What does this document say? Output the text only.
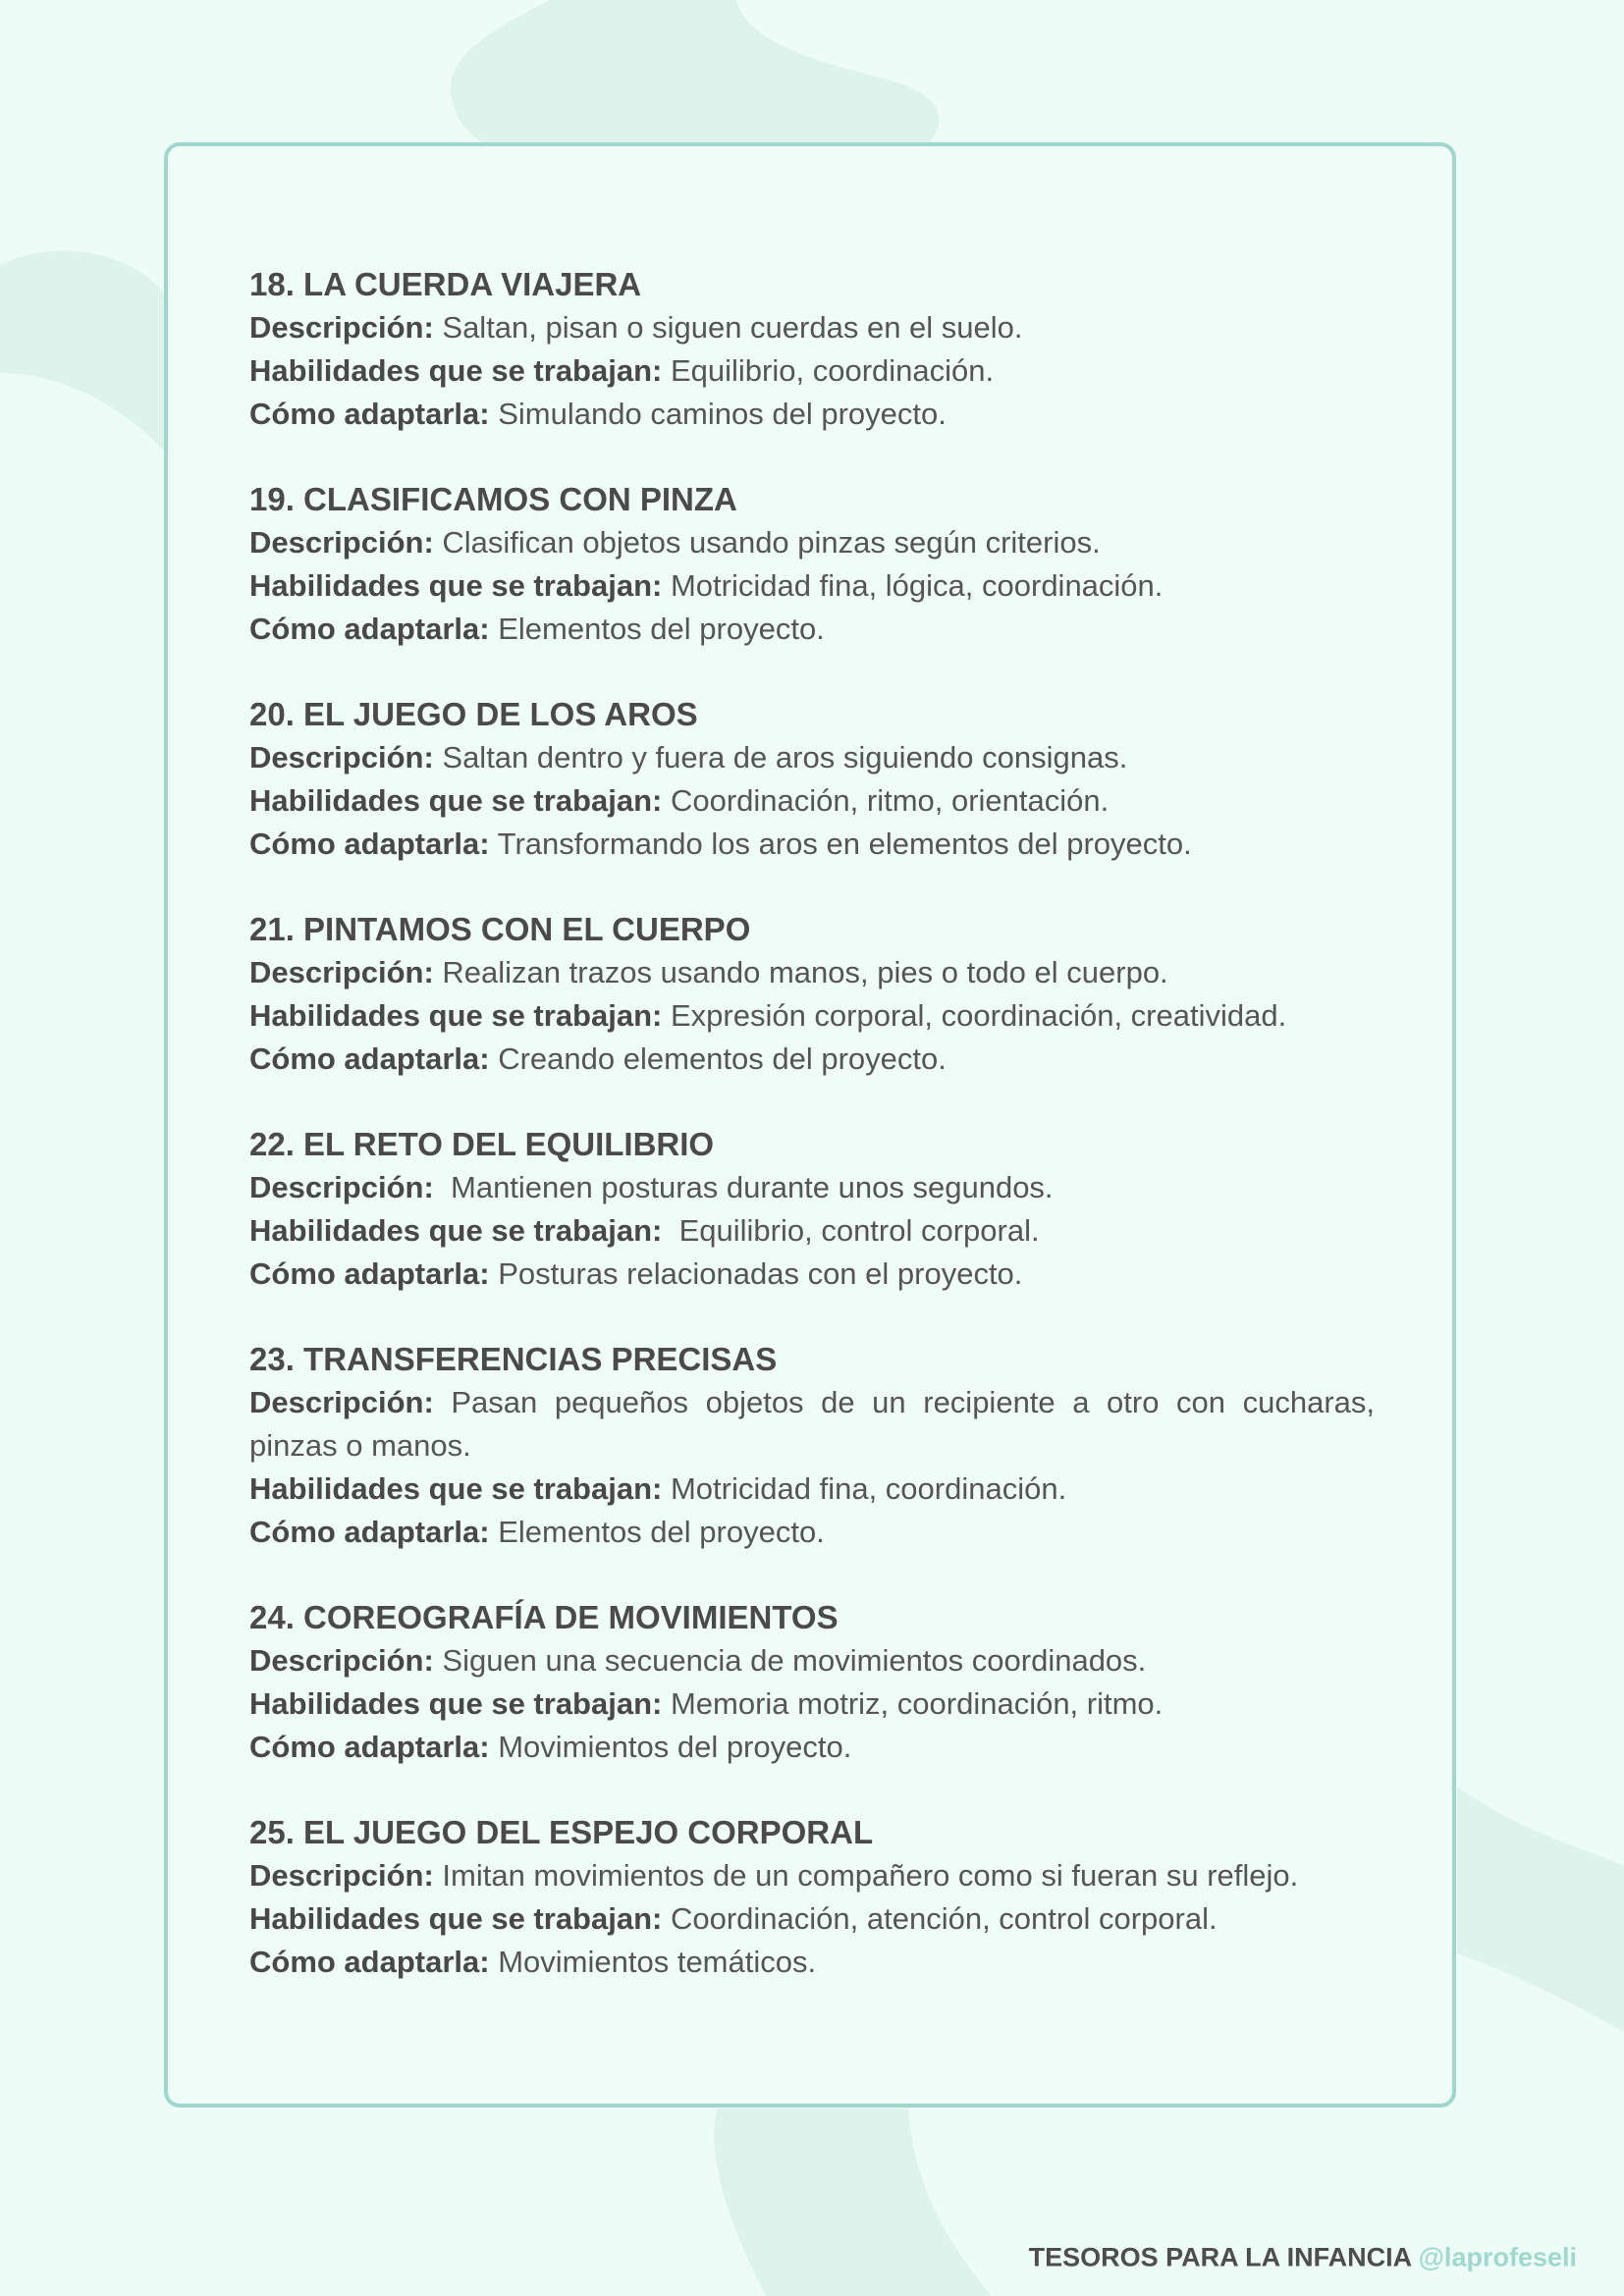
18. LA CUERDA VIAJERA

Descripción: Saltan, pisan o siguen cuerdas en el suelo.

Habilidades que se trabajan: Equilibrio, coordinación.

Cómo adaptarla: Simulando caminos del proyecto.

19. CLASIFICAMOS CON PINZA

Descripción: Clasifican objetos usando pinzas según criterios.

Habilidades que se trabajan: Motricidad fina, lógica, coordinación.

Cómo adaptarla: Elementos del proyecto.

20. EL JUEGO DE LOS AROS

Descripción: Saltan dentro y fuera de aros siguiendo consignas.

Habilidades que se trabajan: Coordinación, ritmo, orientación.

Cómo adaptarla: Transformando los aros en elementos del proyecto.

21. PINTAMOS CON EL CUERPO

Descripción: Realizan trazos usando manos, pies o todo el cuerpo.

Habilidades que se trabajan: Expresión corporal, coordinación, creatividad.

Cómo adaptarla: Creando elementos del proyecto.

22. EL RETO DEL EQUILIBRIO

Descripción:  Mantienen posturas durante unos segundos.

Habilidades que se trabajan:  Equilibrio, control corporal.

Cómo adaptarla: Posturas relacionadas con el proyecto.

23. TRANSFERENCIAS PRECISAS

Descripción: Pasan pequeños objetos de un recipiente a otro con cucharas, pinzas o manos.

Habilidades que se trabajan: Motricidad fina, coordinación.

Cómo adaptarla: Elementos del proyecto.

24. COREOGRAFÍA DE MOVIMIENTOS

Descripción: Siguen una secuencia de movimientos coordinados.

Habilidades que se trabajan: Memoria motriz, coordinación, ritmo.

Cómo adaptarla: Movimientos del proyecto.

25. EL JUEGO DEL ESPEJO CORPORAL

Descripción: Imitan movimientos de un compañero como si fueran su reflejo.

Habilidades que se trabajan: Coordinación, atención, control corporal.

Cómo adaptarla: Movimientos temáticos.

TESOROS PARA LA INFANCIA @laprofeseli
